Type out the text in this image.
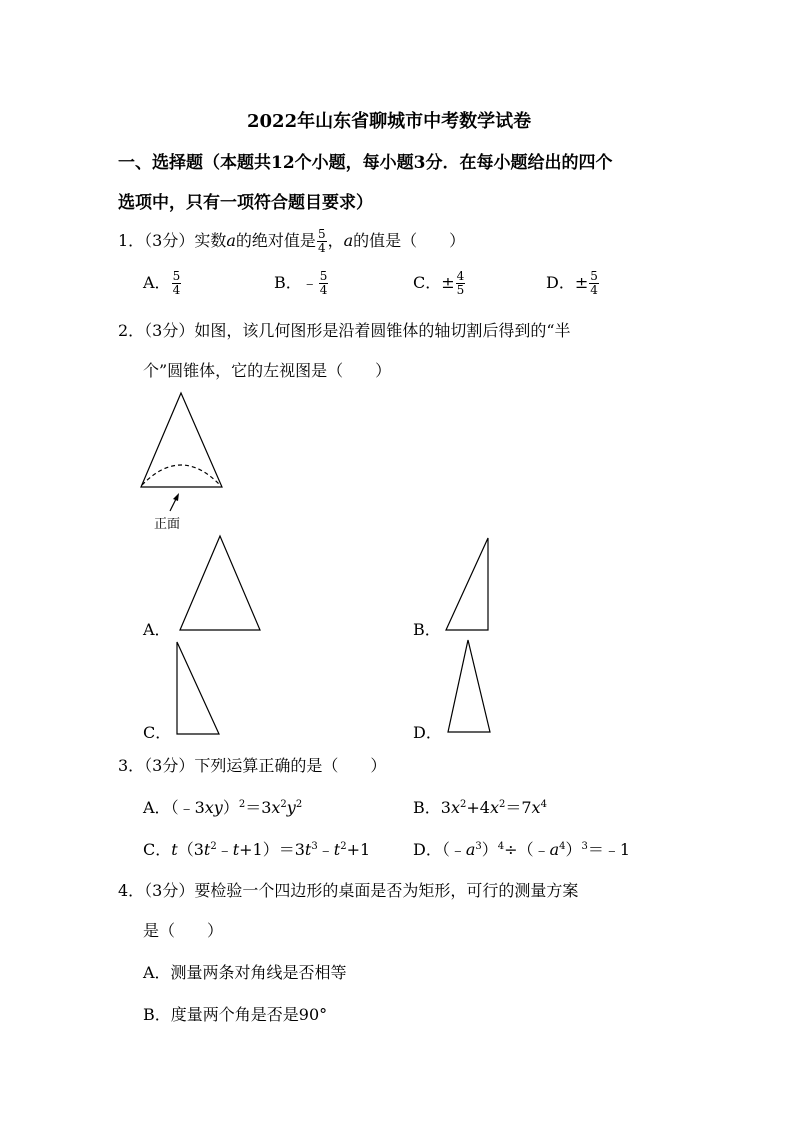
2022年山东省聊城市中考数学试卷
一、选择题（本题共12个小题，每小题3分．在每小题给出的四个
选项中，只有一项符合题目要求）
1．（3分）实数a的绝对值是 $\frac{5}{4}$ ，a的值是（　　）
A． $\frac{5}{4}$	B．﹣ $\frac{5}{4}$	C．± $\frac{4}{5}$	D．± $\frac{5}{4}$
2．（3分）如图，该几何图形是沿着圆锥体的轴切割后得到的“半
个”圆锥体，它的左视图是（　　）
正面
A．	B．
C．	D．
3．（3分）下列运算正确的是（　　）
A．$(﹣3xy)^2=3x^2y^2$	B．$3x^2+4x^2=7x^4$
C．$t(3t^2﹣t+1)=3t^3﹣t^2+1$	D．$(﹣a^3)^4\div(﹣a^4)^3=﹣1$
4．（3分）要检验一个四边形的桌面是否为矩形，可行的测量方案
是（　　）
A．测量两条对角线是否相等
B．度量两个角是否是90°
